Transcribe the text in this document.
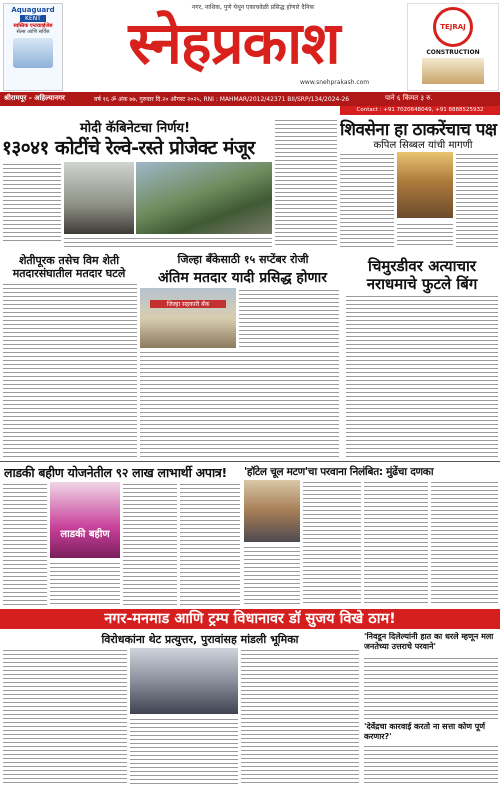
Aquaguard
KENT
स्वस्तिक एन्टरप्राईजेस
सेल्स आणि सर्विस
नगर, नाशिक, पुणे येथून एकाचवेळी प्रसिद्ध होणारे दैनिक
स्नेहप्रकाश
www.snehprakash.com
TEJRAJ
CONSTRUCTION
श्रीरामपूर - अहिल्यानगर	वर्ष १६ ॐ अंक ७७, गुरुवार दि.२० ऑगस्ट २०२५, RNI : MAHMAR/2012/42371 BII/SRP/134/2024-26	पाने ६ किंमत ३ रु.
Contact : +91 7020648049, +91 8888525932
मोदी कॅबिनेटचा निर्णय!
१३०४१ कोटींचे रेल्वे-रस्ते प्रोजेक्ट मंजूर
शिवसेना हा ठाकरेंचाच पक्ष
कपिल सिब्बल यांची मागणी
शेतीपूरक तसेच विम शेती
मतदारसंघातील मतदार घटले
जिल्हा बँकेसाठी १५ सप्टेंबर रोजी
अंतिम मतदार यादी प्रसिद्ध होणार
जिल्हा सहकारी बँक
चिमुरडीवर अत्याचार
नराधमाचे फुटले बिंग
लाडकी बहीण योजनेतील ९२ लाख लाभार्थी अपात्र!
लाडकी बहीण
'हॉटेल चूल मटण'चा परवाना निलंबित: मुंढेंचा दणका
नगर-मनमाड आणि ट्रम्प विधानावर डॉ सुजय विखे ठाम!
विरोधकांना थेट प्रत्युत्तर, पुरावांसह मांडली भूमिका	'निवडून दिलेल्यांनी हात का धरले म्हणून मला जनतेच्या उत्तराचे परवाने'
'देवेंद्रचा कारवाई करतो ना सत्ता कोण पूर्ण करणार?'
